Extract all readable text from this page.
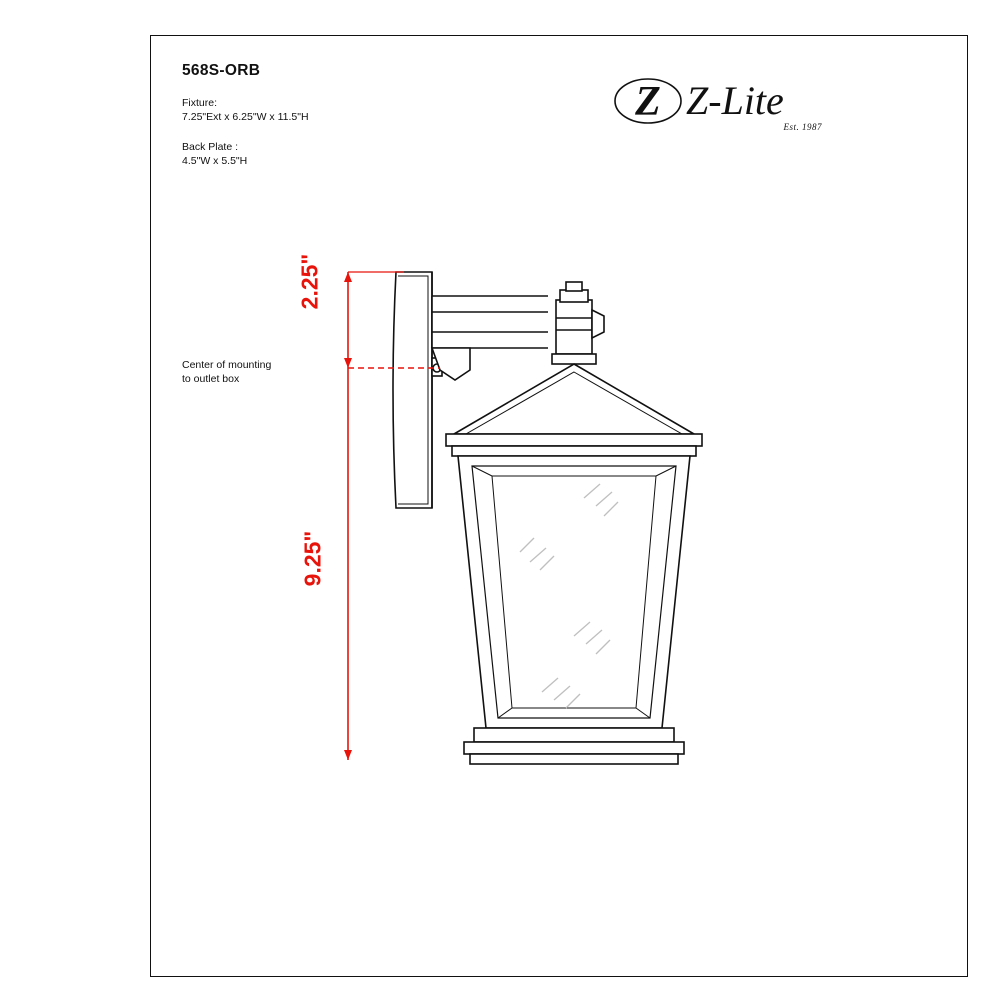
568S-ORB
Fixture:
7.25"Ext x 6.25"W x 11.5"H
Back Plate :
4.5"W x 5.5"H
Z Z-Lite
Est. 1987
Center of mounting
to outlet box
2.25"
9.25"
